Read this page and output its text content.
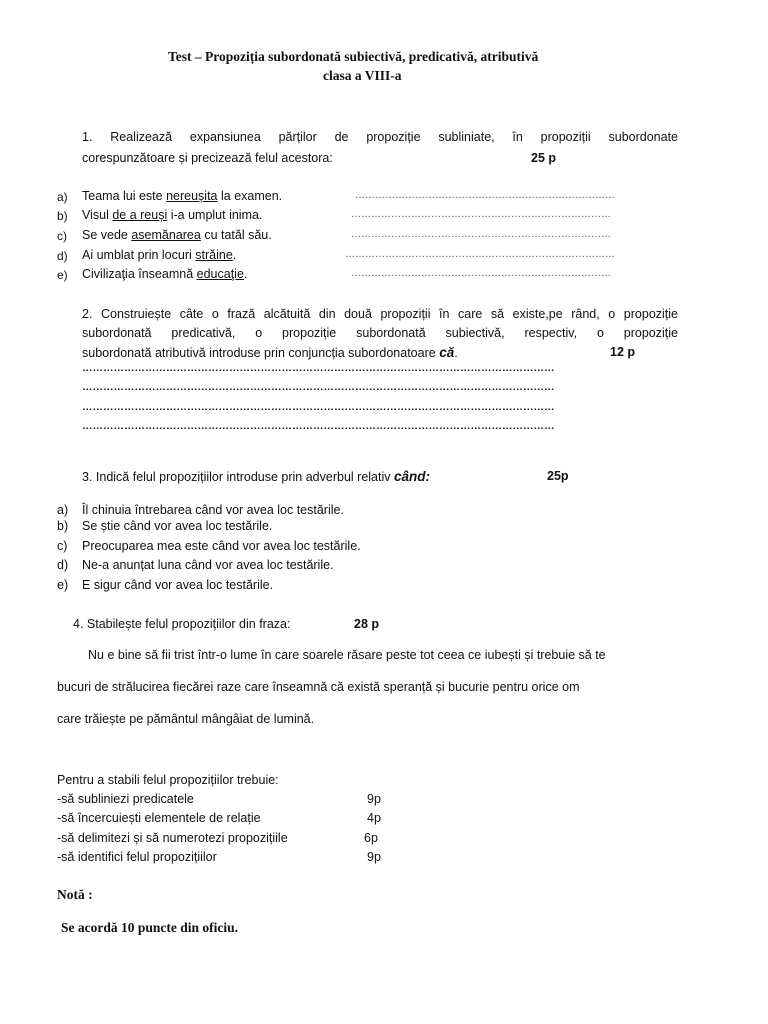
Test – Propoziția subordonată subiectivă, predicativă, atributivă
clasa a VIII-a
1. Realizează expansiunea părților de propoziție subliniate, în propoziții subordonate
corespunzătoare și precizează felul acestora:	25 p
a) Teama lui este nereușita la examen.	……………………………………………………………………
b) Visul de a reuși i-a umplut inima.	……………………………………………………………………
c) Se vede asemănarea cu tatăl său.	……………………………………………………………………
d) Ai umblat prin locuri străine.	………………………………………………………………………
e) Civilizaţia înseamnă educaţie.	……………………………………………………………………
2. Construiește câte o frază alcătuită din două propoziții în care să existe,pe rând, o propoziție
subordonată predicativă, o propoziție subordonată subiectivă, respectiv, o propoziție
subordonată atributivă introduse prin conjuncția subordonatoare că.	12 p
………………………………………………………………………………………………………………………
………………………………………………………………………………………………………………………
………………………………………………………………………………………………………………………
………………………………………………………………………………………………………………………
3. Indică felul propozițiilor introduse prin adverbul relativ când:	25p
a) Îl chinuia întrebarea când vor avea loc testările.
b) Se știe când vor avea loc testările.
c) Preocuparea mea este când vor avea loc testările.
d) Ne-a anunțat luna când vor avea loc testările.
e) E sigur când vor avea loc testările.
4. Stabilește felul propozițiilor din fraza:	28 p
Nu e bine să fii trist într-o lume în care soarele răsare peste tot ceea ce iubești și trebuie să te
bucuri de strălucirea fiecărei raze care înseamnă că există speranță și bucurie pentru orice om
care trăiește pe pământul mângâiat de lumină.
Pentru a stabili felul propozițiilor trebuie:
-să subliniezi predicatele	9p
-să încercuiești elementele de relație	4p
-să delimitezi și să numerotezi propozițiile	6p
-să identifici felul propozițiilor	9p
Notă :
Se acordă 10 puncte din oficiu.
